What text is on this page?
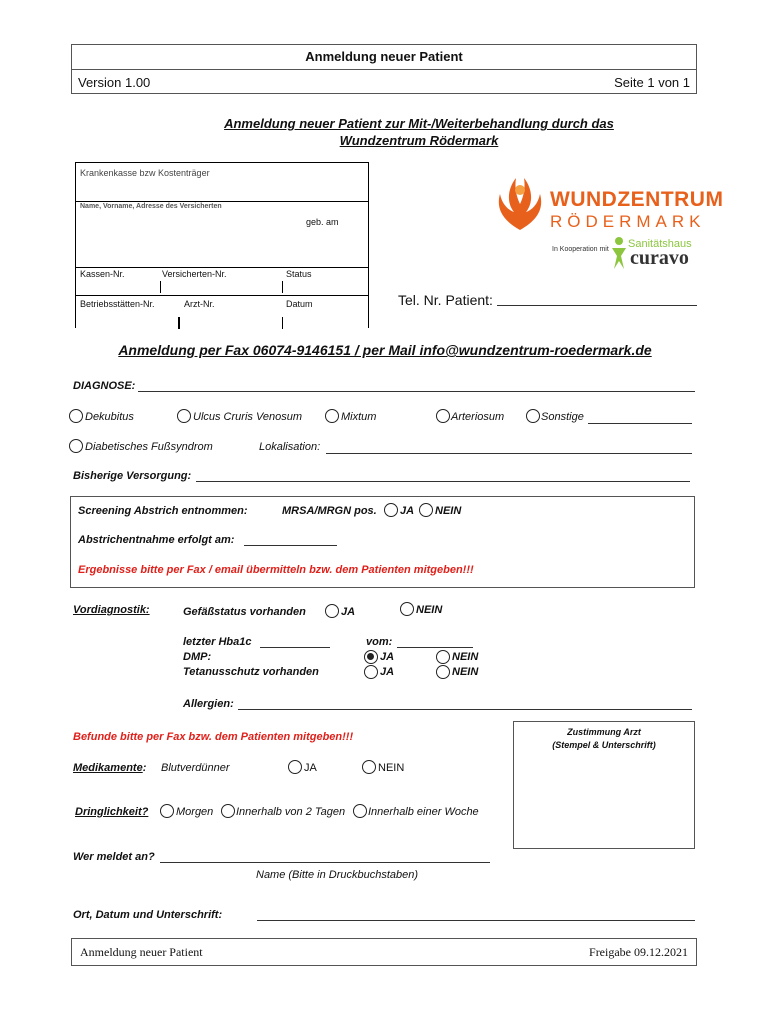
Anmeldung neuer Patient
Version 1.00	Seite 1 von 1
Anmeldung neuer Patient zur Mit-/Weiterbehandlung durch das
Wundzentrum Rödermark
Krankenkasse bzw Kostenträger
Name, Vorname, Adresse des Versicherten
geb. am
Kassen-Nr.	Versicherten-Nr.	Status
Betriebsstätten-Nr.	Arzt-Nr.	Datum
WUNDZENTRUM
RÖDERMARK
In Kooperation mit Sanitätshaus
curavo
Tel. Nr. Patient:
Anmeldung per Fax 06074-9146151 / per Mail info@wundzentrum-roedermark.de
DIAGNOSE:
Dekubitus	Ulcus Cruris Venosum	Mixtum	Arteriosum	Sonstige
Diabetisches Fußsyndrom	Lokalisation:
Bisherige Versorgung:
Screening Abstrich entnommen:	MRSA/MRGN pos. JA NEIN
Abstrichentnahme erfolgt am:
Ergebnisse bitte per Fax / email übermitteln bzw. dem Patienten mitgeben!!!
Vordiagnostik:	Gefäßstatus vorhanden	JA	NEIN
letzter Hba1c	vom:
DMP:	JA	NEIN
Tetanusschutz vorhanden	JA	NEIN
Allergien:
Befunde bitte per Fax bzw. dem Patienten mitgeben!!!	Zustimmung Arzt
(Stempel & Unterschrift)
Medikamente: Blutverdünner	JA	NEIN
Dringlichkeit?	Morgen Innerhalb von 2 Tagen Innerhalb einer Woche
Wer meldet an?
Name (Bitte in Druckbuchstaben)
Ort, Datum und Unterschrift:
Anmeldung neuer Patient	Freigabe 09.12.2021
